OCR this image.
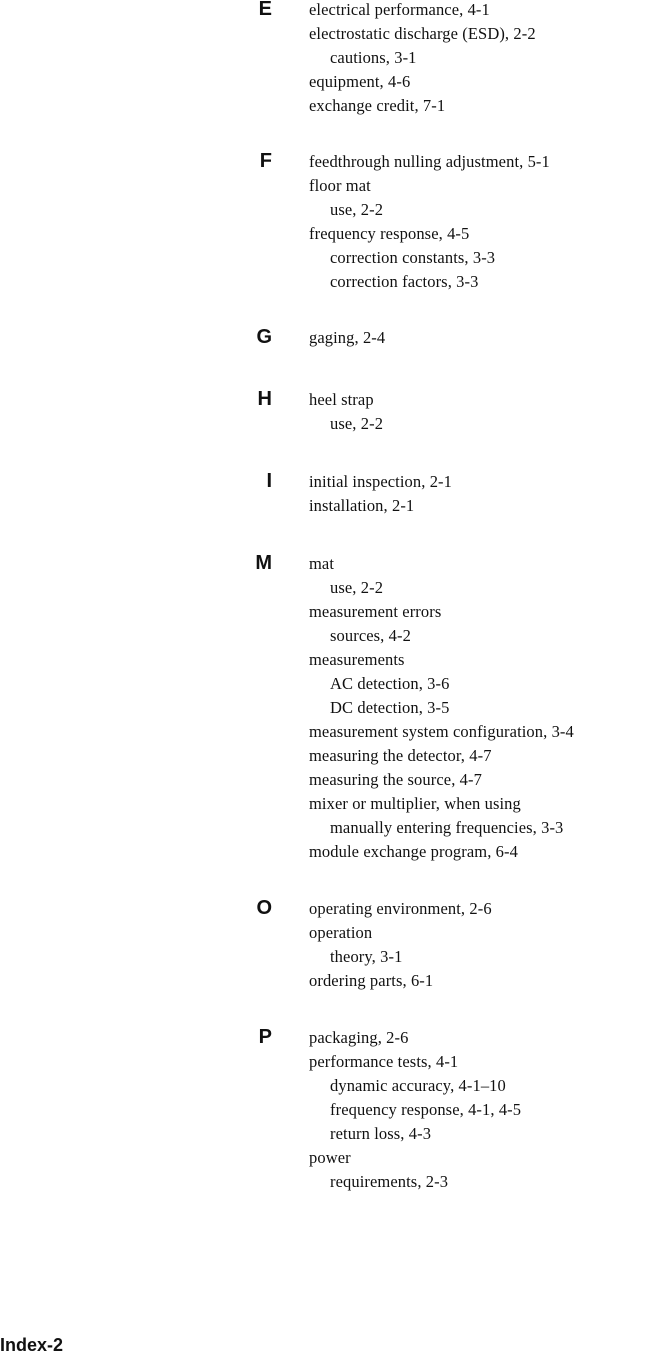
E electrical performance, 4-1
electrostatic discharge (ESD), 2-2
cautions, 3-1
equipment, 4-6
exchange credit, 7-1
F feedthrough nulling adjustment, 5-1
floor mat
use, 2-2
frequency response, 4-5
correction constants, 3-3
correction factors, 3-3
G gaging, 2-4
H heel strap
use, 2-2
I initial inspection, 2-1
installation, 2-1
M mat
use, 2-2
measurement errors
sources, 4-2
measurements
AC detection, 3-6
DC detection, 3-5
measurement system configuration, 3-4
measuring the detector, 4-7
measuring the source, 4-7
mixer or multiplier, when using
manually entering frequencies, 3-3
module exchange program, 6-4
O operating environment, 2-6
operation
theory, 3-1
ordering parts, 6-1
P packaging, 2-6
performance tests, 4-1
dynamic accuracy, 4-1–10
frequency response, 4-1, 4-5
return loss, 4-3
power
requirements, 2-3
Index-2
